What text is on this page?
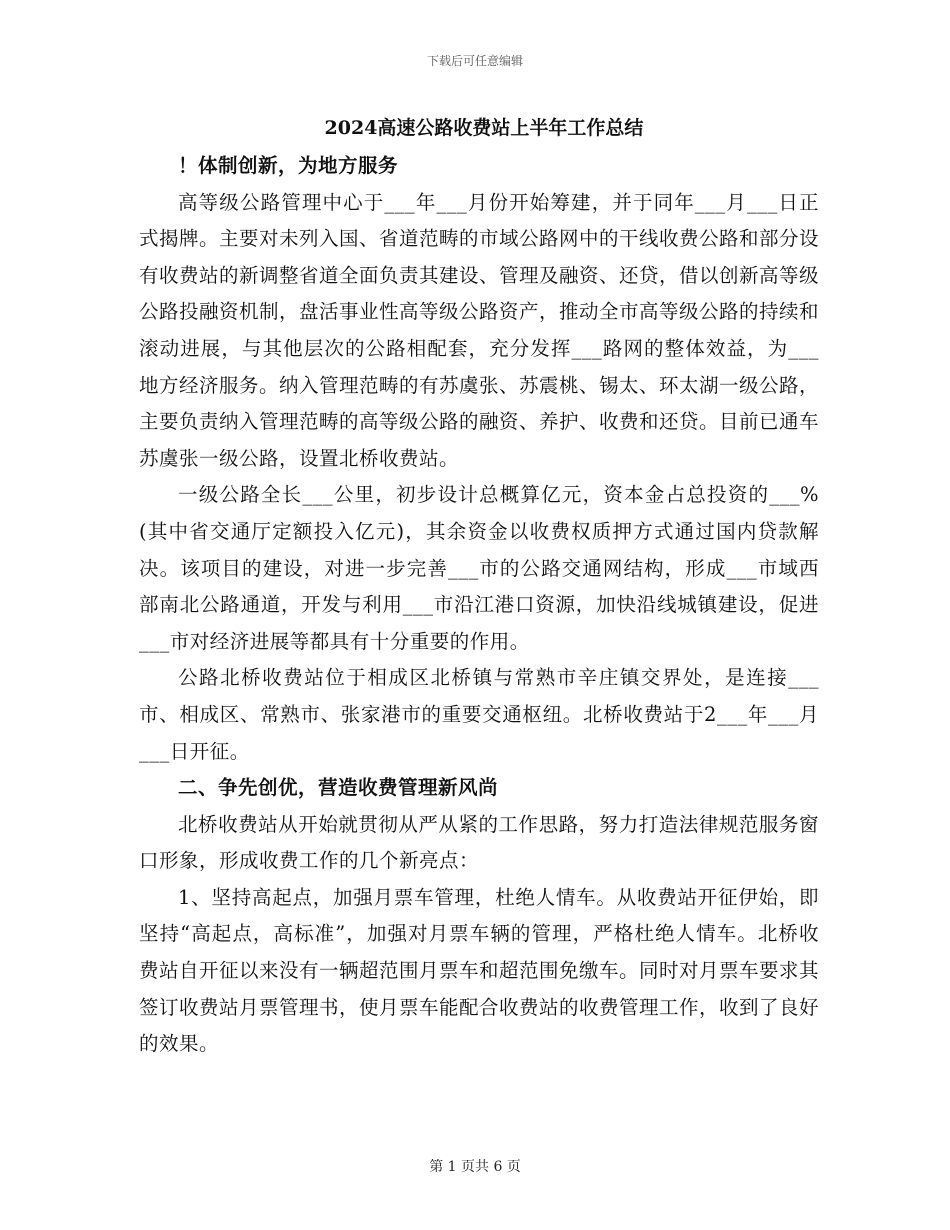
下载后可任意编辑
2024高速公路收费站上半年工作总结
！体制创新，为地方服务

高等级公路管理中心于___年___月份开始筹建，并于同年___月___日正式揭牌。主要对未列入国、省道范畴的市域公路网中的干线收费公路和部分设有收费站的新调整省道全面负责其建设、管理及融资、还贷，借以创新高等级公路投融资机制，盘活事业性高等级公路资产，推动全市高等级公路的持续和滚动进展，与其他层次的公路相配套，充分发挥___路网的整体效益，为___地方经济服务。纳入管理范畴的有苏虞张、苏震桃、锡太、环太湖一级公路，主要负责纳入管理范畴的高等级公路的融资、养护、收费和还贷。目前已通车苏虞张一级公路，设置北桥收费站。

一级公路全长___公里，初步设计总概算亿元，资本金占总投资的___%(其中省交通厅定额投入亿元)，其余资金以收费权质押方式通过国内贷款解决。该项目的建设，对进一步完善___市的公路交通网结构，形成___市域西部南北公路通道，开发与利用___市沿江港口资源，加快沿线城镇建设，促进___市对经济进展等都具有十分重要的作用。

公路北桥收费站位于相成区北桥镇与常熟市辛庄镇交界处，是连接___市、相成区、常熟市、张家港市的重要交通枢纽。北桥收费站于2___年___月___日开征。

二、争先创优，营造收费管理新风尚

北桥收费站从开始就贯彻从严从紧的工作思路，努力打造法律规范服务窗口形象，形成收费工作的几个新亮点：

1、坚持高起点，加强月票车管理，杜绝人情车。从收费站开征伊始，即坚持“高起点，高标准”，加强对月票车辆的管理，严格杜绝人情车。北桥收费站自开征以来没有一辆超范围月票车和超范围免缴车。同时对月票车要求其签订收费站月票管理书，使月票车能配合收费站的收费管理工作，收到了良好的效果。

第 1 页共 6 页
